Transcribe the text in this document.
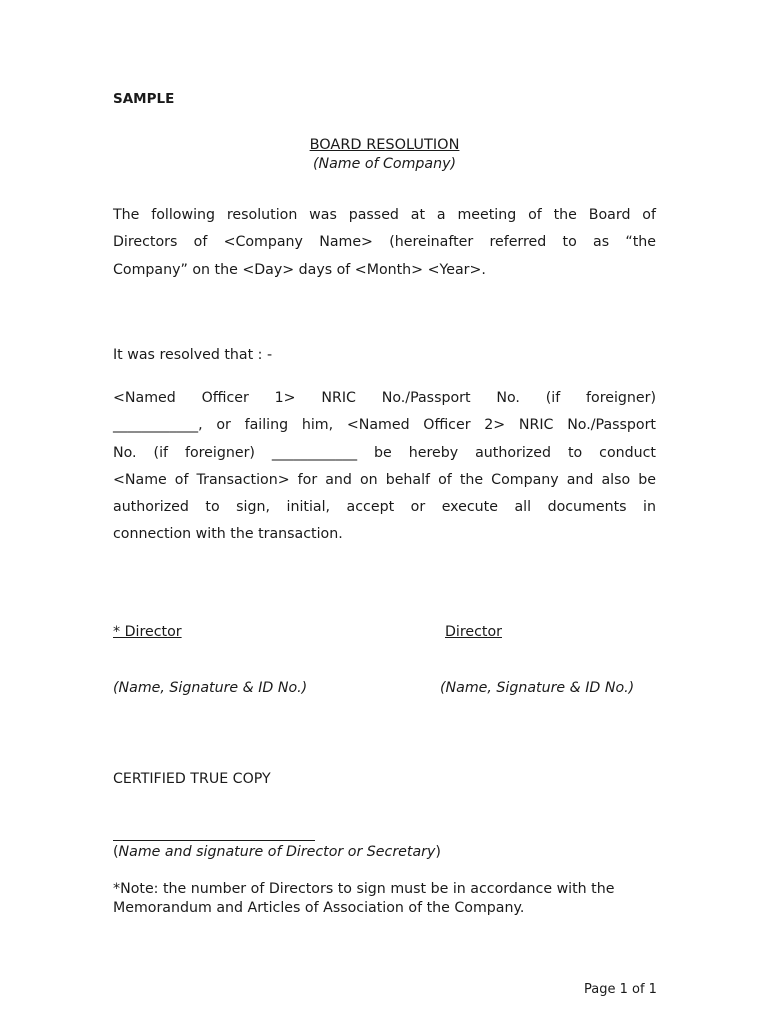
SAMPLE
BOARD RESOLUTION
(Name of Company)
The following resolution was passed at a meeting of the Board of
Directors of <Company Name> (hereinafter referred to as “the
Company” on the <Day> days of <Month> <Year>.
It was resolved that : -
<Named Officer 1> NRIC No./Passport No. (if foreigner)
____________, or failing him, <Named Officer 2> NRIC No./Passport
No. (if foreigner) ____________ be hereby authorized to conduct
<Name of Transaction> for and on behalf of the Company and also be
authorized to sign, initial, accept or execute all documents in
connection with the transaction.
* Director	Director
(Name, Signature & ID No.)	(Name, Signature & ID No.)
CERTIFIED TRUE COPY
(Name and signature of Director or Secretary)
*Note: the number of Directors to sign must be in accordance with the
Memorandum and Articles of Association of the Company.
Page 1 of 1
